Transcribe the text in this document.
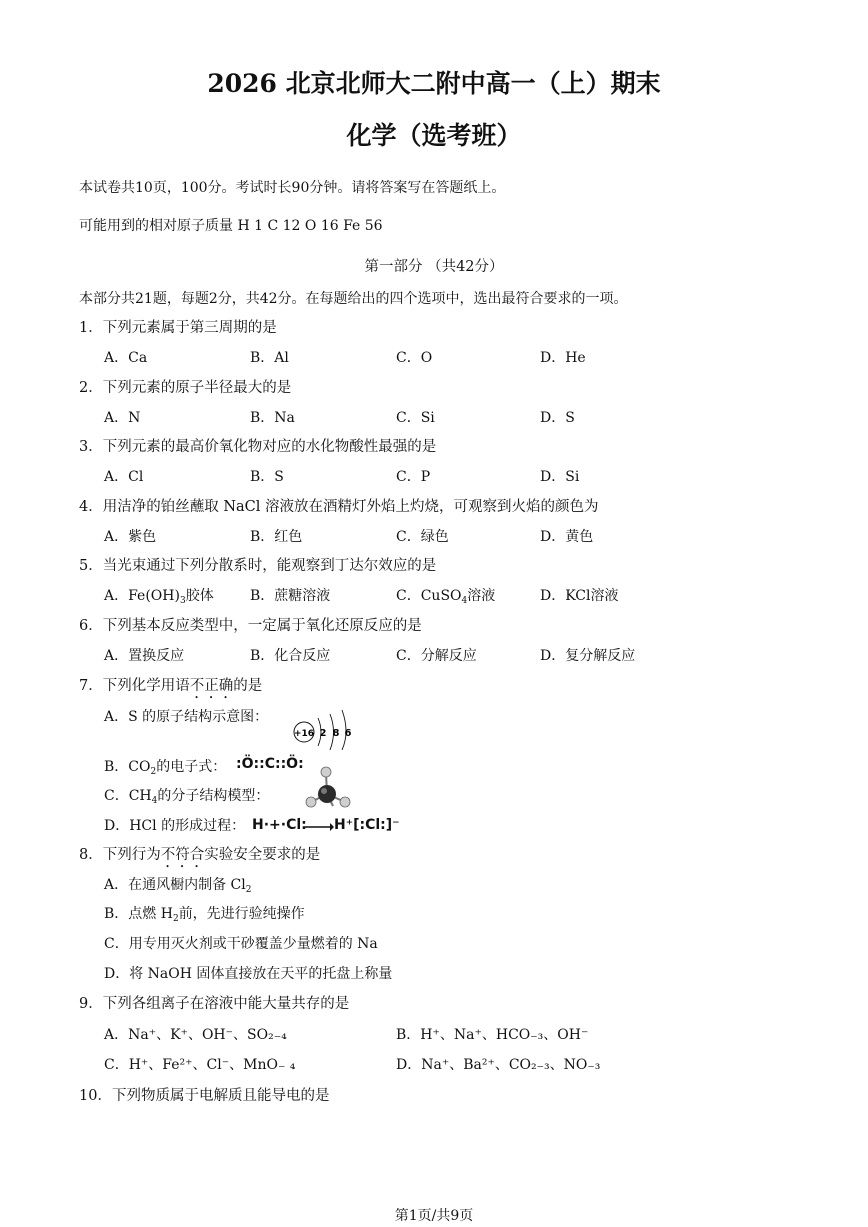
2026 北京北师大二附中高一（上）期末
化学（选考班）
本试卷共10页，100分。考试时长90分钟。请将答案写在答题纸上。
可能用到的相对原子质量 H 1 C 12 O 16 Fe 56
第一部分 （共42分）
本部分共21题，每题2分，共42分。在每题给出的四个选项中，选出最符合要求的一项。
1．下列元素属于第三周期的是
A．Ca	B．Al	C．O	D．He
2．下列元素的原子半径最大的是
A．N	B．Na	C．Si	D．S
3．下列元素的最高价氧化物对应的水化物酸性最强的是
A．Cl	B．S	C．P	D．Si
4．用洁净的铂丝蘸取 NaCl 溶液放在酒精灯外焰上灼烧，可观察到火焰的颜色为
A．紫色	B．红色	C．绿色	D．黄色
5．当光束通过下列分散系时，能观察到丁达尔效应的是
A．$Fe(OH)_3$胶体	B．蔗糖溶液	C．CuSO$_4$溶液	D．KCl溶液
6．下列基本反应类型中，一定属于氧化还原反应的是
A．置换反应	B．化合反应	C．分解反应	D．复分解反应
7．下列化学用语不正确的是
A．S 的原子结构示意图：
+16 2 8 6
B．$CO_2$的电子式： :Ö::C::Ö:
C．$CH_4$的分子结构模型：
D．HCl 的形成过程： H·+·Cl: → H⁺[:Cl:]⁻
8．下列行为不符合实验安全要求的是
A．在通风橱内制备 $Cl_2$
B．点燃 $H_2$前，先进行验纯操作
C．用专用灭火剂或干砂覆盖少量燃着的 Na
D．将 NaOH 固体直接放在天平的托盘上称量
9．下列各组离子在溶液中能大量共存的是
A．Na⁺、K⁺、OH⁻、SO₂₋₄	B．H⁺、Na⁺、HCO₋₃、OH⁻
C．H⁺、Fe²⁺、Cl⁻、MnO₋ ₄	D．Na⁺、Ba²⁺、CO₂₋₃、NO₋₃
10．下列物质属于电解质且能导电的是
第1页/共9页
